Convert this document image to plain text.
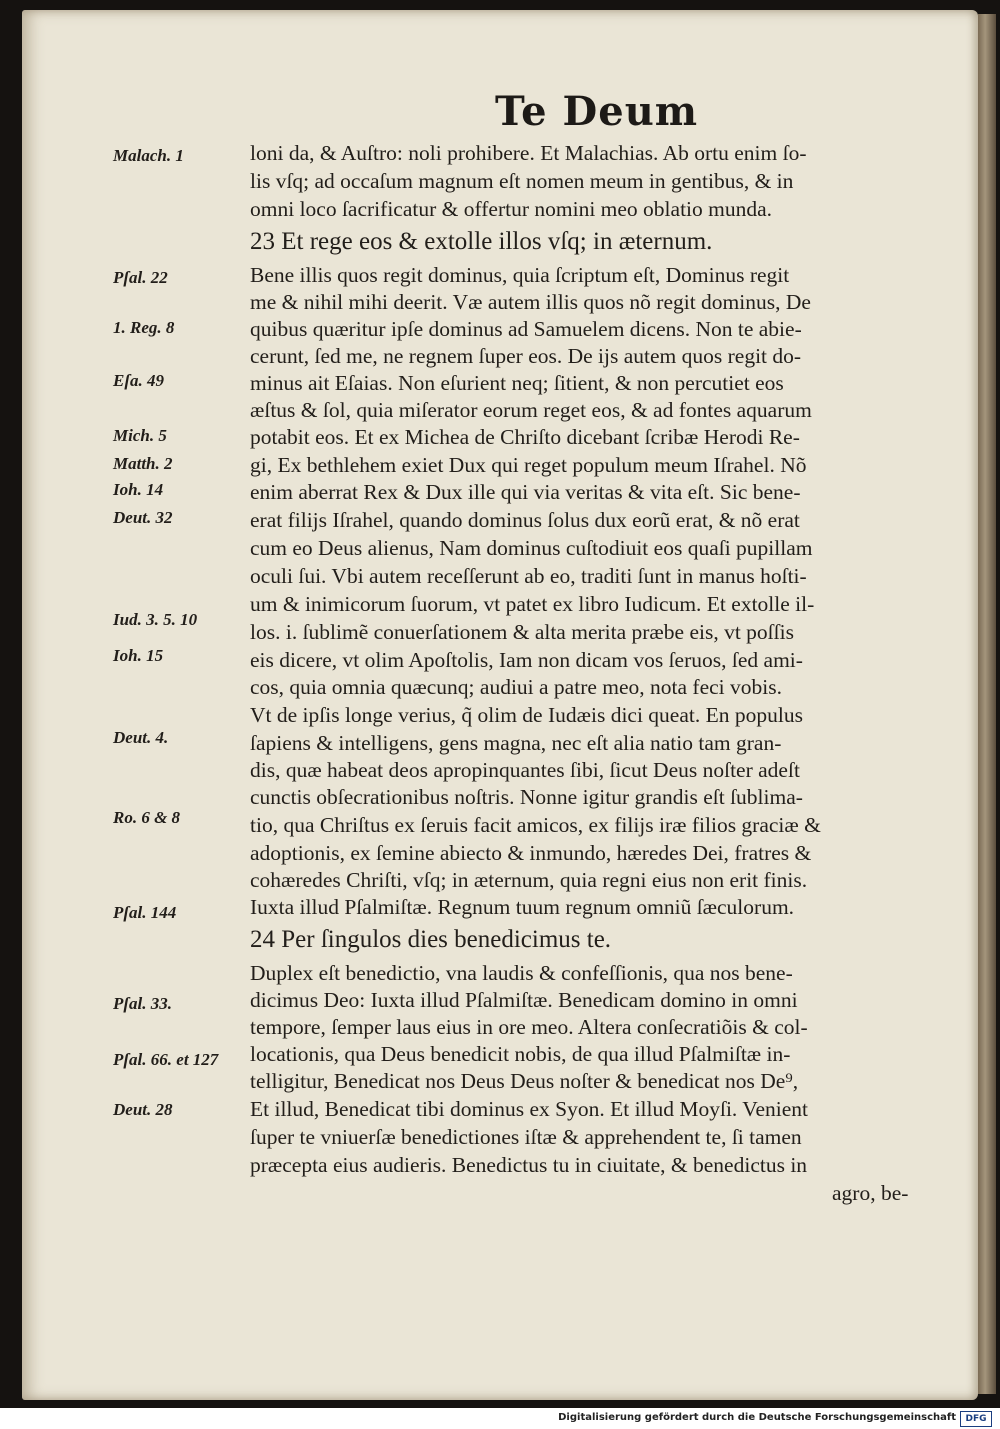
Te Deum
loni da, & Auſtro: noli prohibere. Et Malachias. Ab ortu enim ſo-
lis vſq; ad occaſum magnum eſt nomen meum in gentibus, & in
omni loco ſacrificatur & offertur nomini meo oblatio munda.
23 Et rege eos & extolle illos vſq; in æternum.
Bene illis quos regit dominus, quia ſcriptum eſt, Dominus regit
me & nihil mihi deerit. Væ autem illis quos nõ regit dominus, De
quibus quæritur ipſe dominus ad Samuelem dicens. Non te abie-
cerunt, ſed me, ne regnem ſuper eos. De ijs autem quos regit do-
minus ait Eſaias. Non eſurient neq; ſitient, & non percutiet eos
æſtus & ſol, quia miſerator eorum reget eos, & ad fontes aquarum
potabit eos. Et ex Michea de Chriſto dicebant ſcribæ Herodi Re-
gi, Ex bethlehem exiet Dux qui reget populum meum Iſrahel. Nõ
enim aberrat Rex & Dux ille qui via veritas & vita eſt. Sic bene-
erat filijs Iſrahel, quando dominus ſolus dux eorũ erat, & nõ erat
cum eo Deus alienus, Nam dominus cuſtodiuit eos quaſi pupillam
oculi ſui. Vbi autem receſſerunt ab eo, traditi ſunt in manus hoſti-
um & inimicorum ſuorum, vt patet ex libro Iudicum. Et extolle il-
los. i. ſublimẽ conuerſationem & alta merita præbe eis, vt poſſis
eis dicere, vt olim Apoſtolis, Iam non dicam vos ſeruos, ſed ami-
cos, quia omnia quæcunq; audiui a patre meo, nota feci vobis.
Vt de ipſis longe verius, q̃ olim de Iudæis dici queat. En populus
ſapiens & intelligens, gens magna, nec eſt alia natio tam gran-
dis, quæ habeat deos apropinquantes ſibi, ſicut Deus noſter adeſt
cunctis obſecrationibus noſtris. Nonne igitur grandis eſt ſublima-
tio, qua Chriſtus ex ſeruis facit amicos, ex filijs iræ filios graciæ &
adoptionis, ex ſemine abiecto & inmundo, hæredes Dei, fratres &
cohæredes Chriſti, vſq; in æternum, quia regni eius non erit finis.
Iuxta illud Pſalmiſtæ. Regnum tuum regnum omniũ ſæculorum.
24 Per ſingulos dies benedicimus te.
Duplex eſt benedictio, vna laudis & confeſſionis, qua nos bene-
dicimus Deo: Iuxta illud Pſalmiſtæ. Benedicam domino in omni
tempore, ſemper laus eius in ore meo. Altera conſecratiõis & col-
locationis, qua Deus benedicit nobis, de qua illud Pſalmiſtæ in-
telligitur, Benedicat nos Deus Deus noſter & benedicat nos De⁹,
Et illud, Benedicat tibi dominus ex Syon. Et illud Moyſi. Venient
ſuper te vniuerſæ benedictiones iſtæ & apprehendent te, ſi tamen
præcepta eius audieris. Benedictus tu in ciuitate, & benedictus in
agro, be-
Malach. 1
Pſal. 22
1. Reg. 8
Eſa. 49
Mich. 5
Matth. 2
Ioh. 14
Deut. 32
Iud. 3. 5. 10
Ioh. 15
Deut. 4.
Ro. 6 & 8
Pſal. 144
Pſal. 33.
Pſal. 66. et 127
Deut. 28
Digitalisierung gefördert durch die Deutsche Forschungsgemeinschaft	DFG
